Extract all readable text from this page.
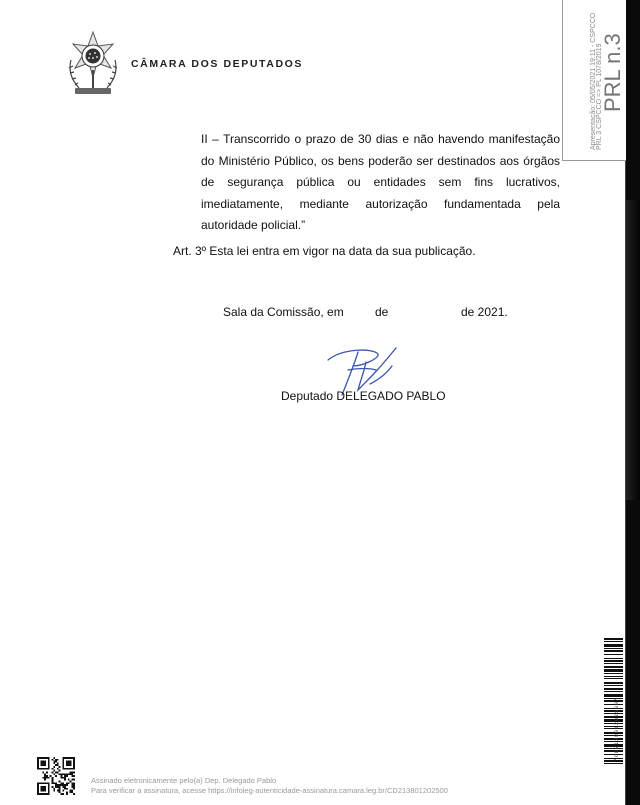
CÂMARA DOS DEPUTADOS	Apresentação: 05/05/2021 19:11 - CSPCCO PRL 3 CSPCCO => PL 1078/2019
PRL n.3
II – Transcorrido o prazo de 30 dias e não havendo manifestação do Ministério Público, os bens poderão ser destinados aos órgãos de segurança pública ou entidades sem fins lucrativos, imediatamente, mediante autorização fundamentada pela autoridade policial.”
Art. 3º Esta lei entra em vigor na data da sua publicação.
Sala da Comissão, em	de	de 2021.
Deputado DELEGADO PABLO
*CD213801202500*
Assinado eletronicamente pelo(a) Dep. Delegado Pablo
Para verificar a assinatura, acesse https://infoleg-autenticidade-assinatura.camara.leg.br/CD213801202500
